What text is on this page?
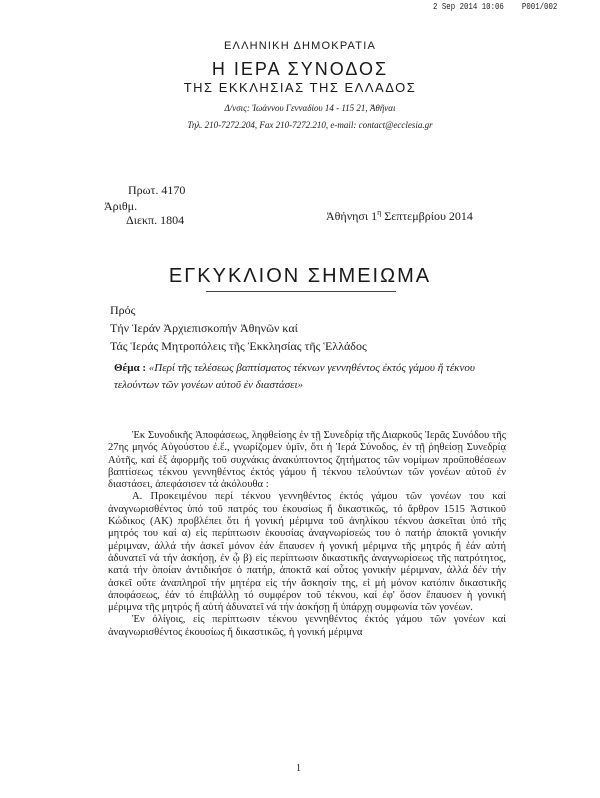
2 Sep 2014 10:06 P001/002
ΕΛΛΗΝΙΚΗ ΔΗΜΟΚΡΑΤΙΑ
Η ΙΕΡΑ ΣΥΝΟΔΟΣ
ΤΗΣ ΕΚΚΛΗΣΙΑΣ ΤΗΣ ΕΛΛΑΔΟΣ
Δ/νσις: Ἰωάννου Γενναδίου 14 - 115 21, Ἀθῆναι
Τηλ. 210-7272.204, Fax 210-7272.210, e-mail: contact@ecclesia.gr
Πρωτ. 4170
Ἀριθμ.
Διεκπ. 1804	Ἀθήνησι $1^\eta$ Σεπτεμβρίου 2014
ΕΓΚΥΚΛΙΟΝ ΣΗΜΕΙΩΜΑ
Πρός
Τήν Ἱεράν Ἀρχιεπισκοπήν Ἀθηνῶν καί
Τάς Ἱεράς Μητροπόλεις τῆς Ἐκκλησίας τῆς Ἑλλάδος
Θέμα : «Περί τῆς τελέσεως βαπτίσματος τέκνων γεννηθέντος ἐκτός γάμου ἤ τέκνου τελούντων τῶν γονέων αὐτοῦ ἐν διαστάσει»

Ἐκ Συνοδικῆς Ἀποφάσεως, ληφθείσης ἐν τῇ Συνεδρίᾳ τῆς Διαρκοῦς Ἱερᾶς Συνόδου τῆς 27ης μηνός Αὐγούστου ἐ.ἔ., γνωρίζομεν ὑμῖν, ὅτι ἡ Ἱερά Σύνοδος, ἐν τῇ ῥηθείσῃ Συνεδρίᾳ Αὐτῆς, καί ἐξ ἀφορμῆς τοῦ συχνάκις ἀνακύπτοντος ζητήματος τῶν νομίμων προϋποθέσεων βαπτίσεως τέκνου γεννηθέντος ἐκτός γάμου ἤ τέκνου τελούντων τῶν γονέων αὐτοῦ ἐν διαστάσει, ἀπεφάσισεν τά ἀκόλουθα :

Α. Προκειμένου περί τέκνου γεννηθέντος ἐκτός γάμου τῶν γονέων του καί ἀναγνωρισθέντος ὑπό τοῦ πατρός του ἑκουσίως ἤ δικαστικῶς, τό ἄρθρον 1515 Ἀστικοῦ Κώδικος (ΑΚ) προβλέπει ὅτι ἡ γονική μέριμνα τοῦ ἀνηλίκου τέκνου ἀσκεῖται ὑπό τῆς μητρός του καί α) εἰς περίπτωσιν ἑκουσίας ἀναγνωρίσεώς του ὁ πατήρ ἀποκτᾶ γονικήν μέριμναν, ἀλλά τήν ἀσκεῖ μόνον ἐάν ἔπαυσεν ἡ γονική μέριμνα τῆς μητρός ἤ ἐάν αὐτή ἀδυνατεῖ νά τήν ἀσκήσῃ, ἐν ᾧ β) εἰς περίπτωσιν δικαστικῆς ἀναγνωρίσεως τῆς πατρότητος, κατά τήν ὁποίαν ἀντιδικήσε ὁ πατήρ, ἀποκτᾶ καί οὗτος γονικήν μέριμναν, ἀλλά δέν τήν ἀσκεῖ οὔτε ἀναπληροῖ τήν μητέρα εἰς τήν ἄσκησίν της, εἰ μή μόνον κατόπιν δικαστικῆς ἀποφάσεως, ἐάν τό ἐπιβάλλῃ τό συμφέρον τοῦ τέκνου, καί ἐφ' ὅσον ἔπαυσεν ἡ γονική μέριμνα τῆς μητρός ἤ αὐτή ἀδυνατεῖ νά τήν ἀσκήσῃ ἤ ὑπάρχῃ συμφωνία τῶν γονέων.

Ἐν ὀλίγοις, εἰς περίπτωσιν τέκνου γεννηθέντος ἐκτός γάμου τῶν γονέων καί ἀναγνωρισθέντος ἑκουσίως ἤ δικαστικῶς, ἡ γονική μέριμνα

1
